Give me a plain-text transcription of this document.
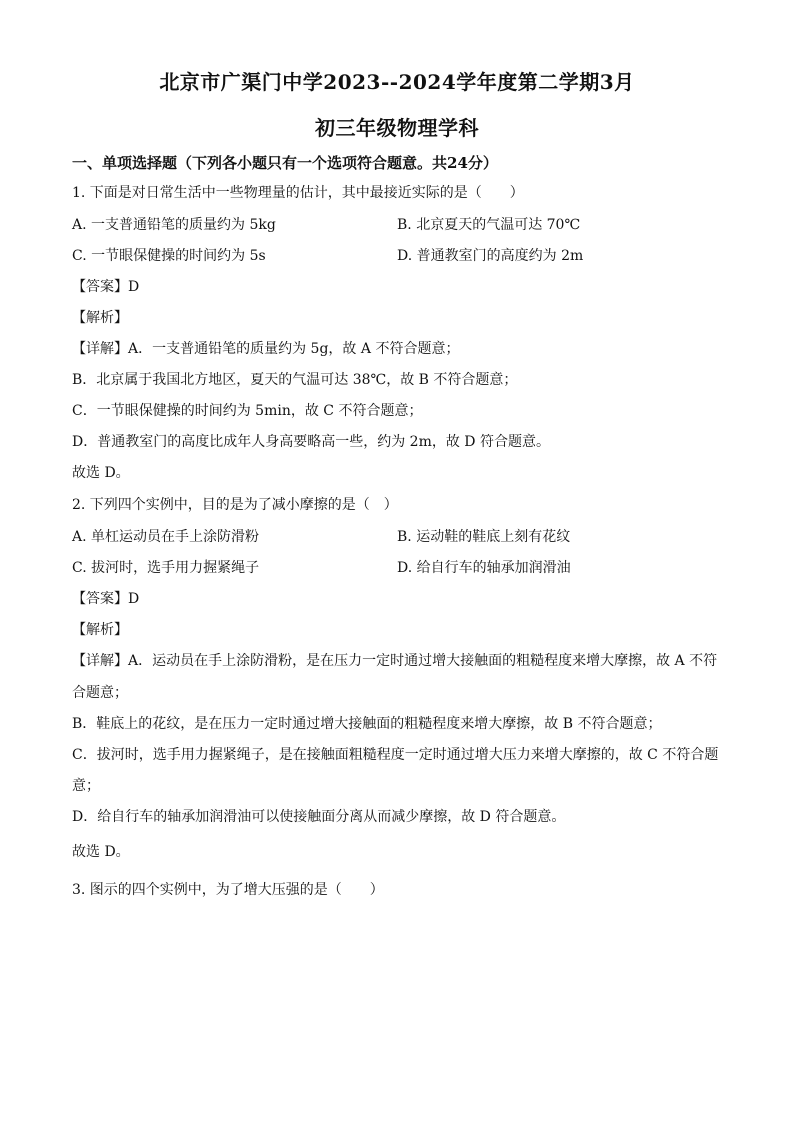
北京市广渠门中学2023--2024学年度第二学期3月
初三年级物理学科
一、单项选择题（下列各小题只有一个选项符合题意。共24分）
1. 下面是对日常生活中一些物理量的估计，其中最接近实际的是（　　）
A. 一支普通铅笔的质量约为 5kg	B. 北京夏天的气温可达 70℃
C. 一节眼保健操的时间约为 5s	D. 普通教室门的高度约为 2m
【答案】D
【解析】
【详解】A．一支普通铅笔的质量约为 5g，故 A 不符合题意；
B．北京属于我国北方地区，夏天的气温可达 38℃，故 B 不符合题意；
C．一节眼保健操的时间约为 5min，故 C 不符合题意；
D．普通教室门的高度比成年人身高要略高一些，约为 2m，故 D 符合题意。
故选 D。
2. 下列四个实例中，目的是为了减小摩擦的是（　）
A. 单杠运动员在手上涂防滑粉	B. 运动鞋的鞋底上刻有花纹
C. 拔河时，选手用力握紧绳子	D. 给自行车的轴承加润滑油
【答案】D
【解析】
【详解】A．运动员在手上涂防滑粉，是在压力一定时通过增大接触面的粗糙程度来增大摩擦，故 A 不符
合题意；
B．鞋底上的花纹，是在压力一定时通过增大接触面的粗糙程度来增大摩擦，故 B 不符合题意；
C．拔河时，选手用力握紧绳子，是在接触面粗糙程度一定时通过增大压力来增大摩擦的，故 C 不符合题
意；
D．给自行车的轴承加润滑油可以使接触面分离从而减少摩擦，故 D 符合题意。
故选 D。
3. 图示的四个实例中，为了增大压强的是（　　）
